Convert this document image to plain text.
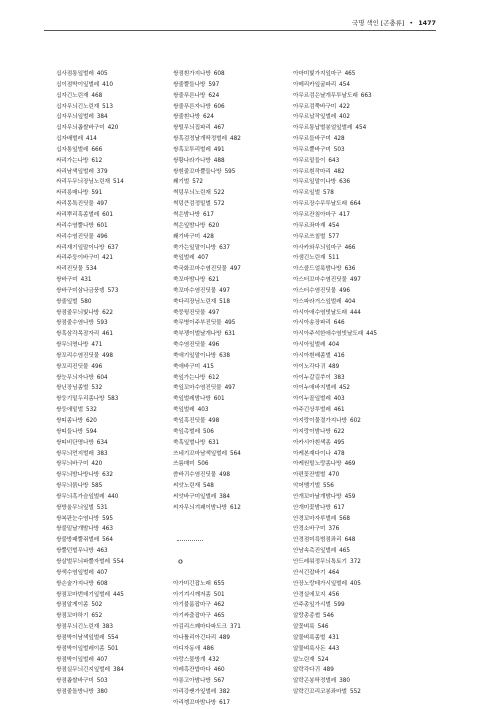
국명 색인 [곤충류] • 1477
십사점통잎벌레 405
십이점박이잎벌레 410
십자긴노린재 468
십자무늬긴노린재 513
십자무늬잎벌레 384
십자무늬좁쌀바구미 420
십자배벌레 414
십자통잎벌레 666
싸리가는나방 612
싸리남색잎벌레 379
싸리두무늬장님노린재 514
싸리릉매나방 591
싸리몽톡진딧물 497
싸리뿌리혹좀벌레 601
싸리수염뿔나방 601
싸리수염진딧물 496
싸리재기잎말이나방 637
싸리주둥이바구미 421
싸리진딧물 534
쌍바구미 431
쌍바구미삼나금풍뎅 573
쌍줄잎벌 580
쌍점줄무늬빛나방 622
쌍점줄수염나방 593
쌍혹삼각목잠자리 461
쌍무늬명나방 471
쌍꼬리수염진딧물 498
쌍꼬리진딧물 496
쌍눈무늬자나방 604
쌍닌장님좀벌 532
쌍둥기밑두리좀나방 583
쌍둥애밑벌 532
쌍띠좀나방 620
쌍띠들나방 594
쌍띠비단명나방 634
쌍무늬먼지벌레 383
쌍무늬바구미 420
쌍무늬밤나방나방 632
쌍무늬붉나방 585
쌍무늬흑가슴잎벌레 440
쌍방울무늬잎벌 531
쌍복판눈수염나방 595
쌍불밑날개밤나방 463
쌍불방패뿔쥐벌레 564
쌍뿔던벌무나방 463
쌍살벌무늬파뿔자벌레 554
쌍색수염잎벌레 407
쌍손술가지나방 608
쌍점꼬마번데기잎벌레 445
쌍점알게이좀 502
쌍점꼬마하기 652
쌍점무늬긴노린재 383
쌍점박이남색잎벌레 554
쌍점박이잎벌레이좀 501
쌍점박이잎벌레 407
쌍점실무늬긴지잎벌레 384
쌍점좁쌀바구미 503
쌍점줄돌방나방 380
쌍점흰가지나방 608
쌍줄뿔들나방 597
쌍줄푸른나방 624
쌍줄푸른자나방 606
쌍줄흰나방 624
쌍털무늬집파리 467
쌍혹검정날개딱정벌레 482
쌍혹꼬투리벌레 491
쌍황나라가나방 488
쌍흰줄꼬마뿔들나방 595
쐐기벌 572
썩덩무늬노린재 522
썩덩큰검정밑벌 572
썩은밤나방 617
썩은잎밤나방 620
쐐기바구미 428
쑥가는잎말이나방 637
쑥잎벌레 407
쑥국화꼬마수염진딧물 497
쑥꼬마밤나방 621
쑥꼬마수염진딧물 497
쑥다리장님노린재 518
쑥뭉뒹진딧물 497
쑥무병이주부진딧물 495
쑥부쟁이벌날개나방 631
쑥수염진딧물 496
쑥애기잎말이나방 638
쑥애바구미 415
쑥잎가는나방 612
쑥잎꼬마수염진딧물 497
쑥잎벌레밤나방 601
쑥잎벌레 403
쑥잎혹진딧물 498
쑥잎촉벌레 506
쑥혹잎벌나방 631
쓰네기꼬마남색잎벌레 564
쓰름매미 506
씀바귀수염진딧물 498
씨앗노린재 548
씨앗바구미잎벌레 384
씨자무늬겨괘이밤나방 612
ㅇ
아가미긴잡노래 655
아기겨시깨저좀 501
아기불룸잡마구 462
아기싸춤잡마구 465
아김리스꽤마다파도크 371
아나톨리아긴다리 489
아디자동애 486
아랑스물방개 432
아레흑잔밥마다 460
아롱고아밤나방 567
아리강쌘가잎벌레 382
아리깽꼬마밤나방 617
아마미빛가지잎마구 465
아메리카잎굴파리 454
아무르검은날개무투날도래 663
아무르검쭉바구미 422
아무르납작잎벌레 402
아무르통납벌봉얼잎벌레 454
아무르들바구미 428
아무르뿔바구미 503
아무르밑들이 643
아무르흰작마리 482
아무르잎말이나방 636
아무르잎벌 578
아무르장수무투날도래 664
아무르잔침아마구 417
아무르좌마재 454
아무르쓰칠벌 577
아사카와무늬잎마구 466
아샘긴노린재 511
아스콜드얼룩밤나방 636
아스터꼬마수염진딧물 497
아스터수염진딧물 496
아스파라거스잎벌레 404
아시아애수염빗날도래 444
아시아송장파리 646
아시아주석한애수염빗날도래 445
아시아잎벌레 404
아시아흰배좀벌 416
아이노각다귀 489
아이누갈길쑤이 383
아이누애바지벌레 452
아이누꼴잎벌레 403
아주긴상투벌레 461
아지랑이물결가지나방 602
아지랑이밤나방 622
아카시아흰색좀 495
아케본재다이나 478
아케원털노랑좀나방 469
아편꽃잔벌벌 470
악어뱀기벌 556
안개꼬마날개밤나방 459
안개미꽃밤나방 617
안경꼬마자루벌레 568
안경소바구미 376
안경점미륵범점좌리 648
안남속촉진잎벌레 465
안드레워정무늬톡토기 372
안서긴잡바기 464
안장노랑테가시잎벌레 405
안경실에꼬지 456
안주총잎가시벌 599
알랑총종썹 546
알꽃벼룩 546
알물벼룩좀벌 431
알물벼룩사돈 443
알노린재 524
알락각다귀 489
알락곤봉딱정벌레 380
알락긴꼬리코봉좌마벌 552
